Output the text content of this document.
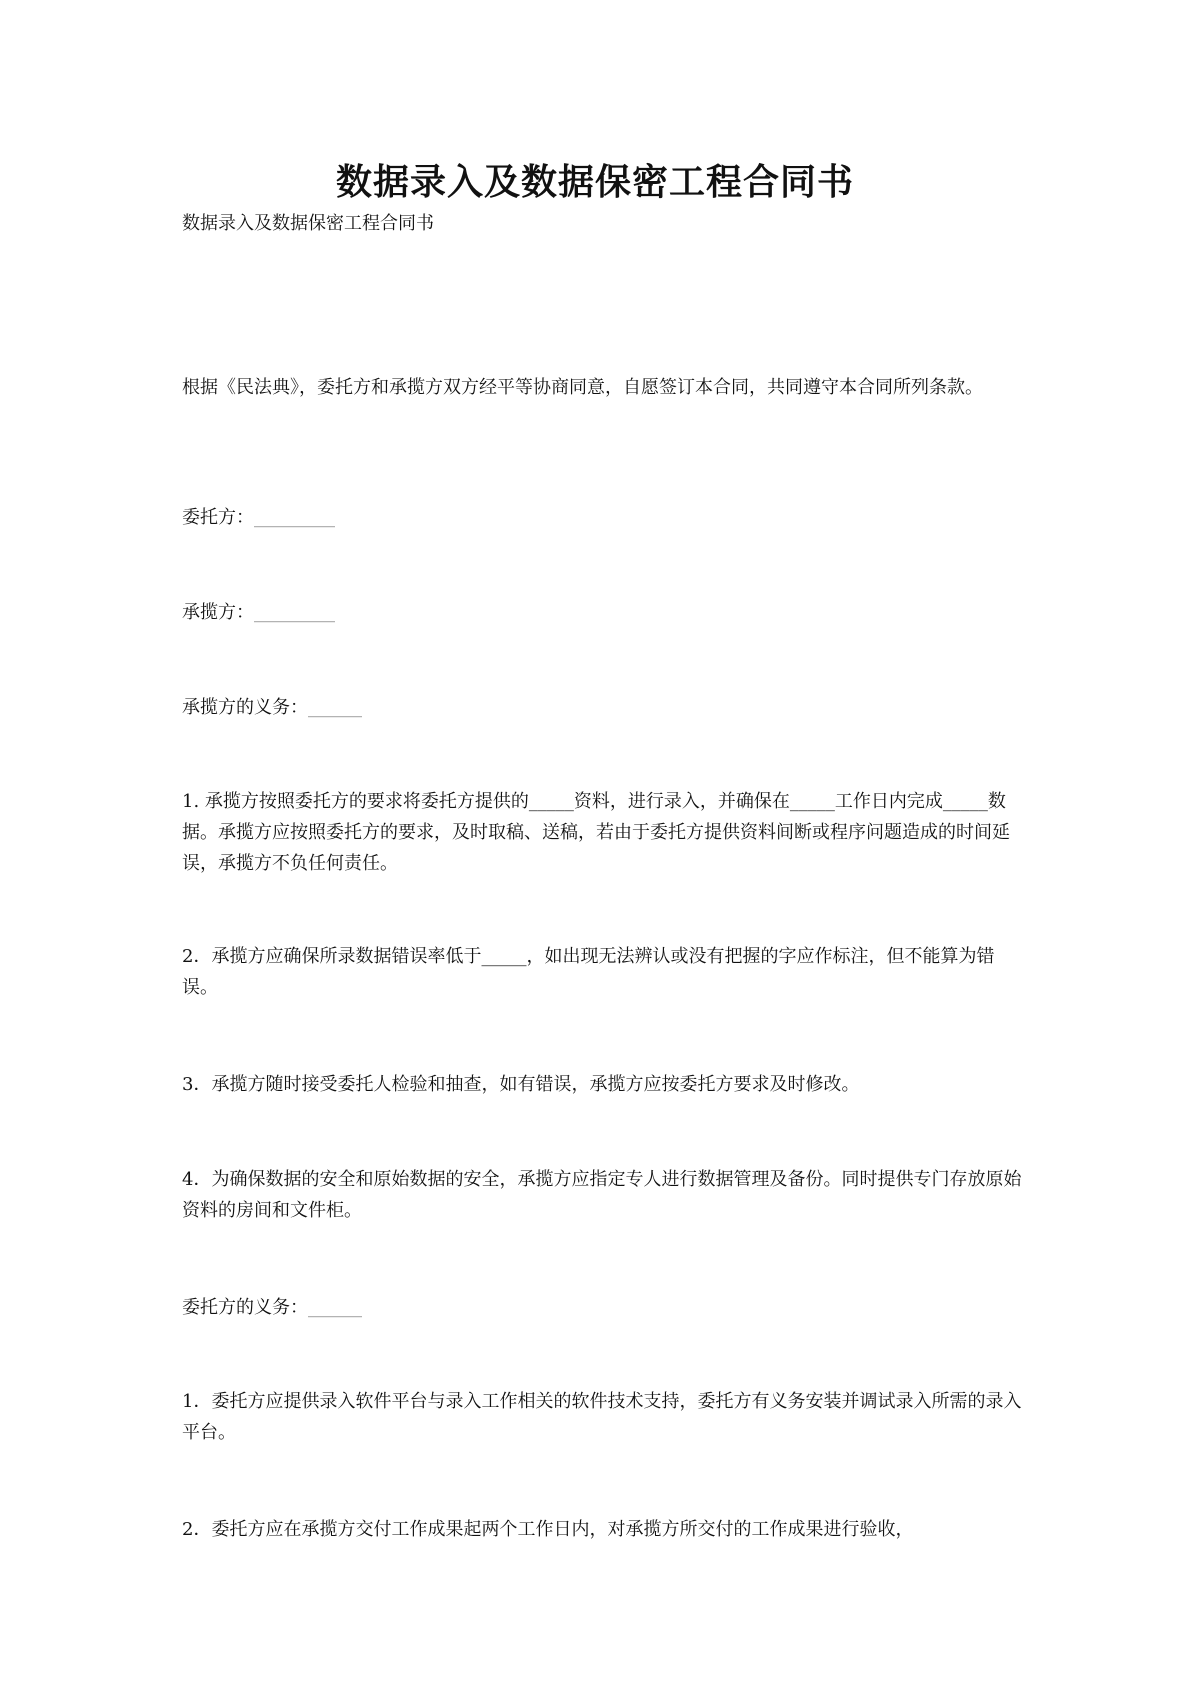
数据录入及数据保密工程合同书

数据录入及数据保密工程合同书

根据《民法典》，委托方和承揽方双方经平等协商同意，自愿签订本合同，共同遵守本合同所列条款。

委托方：_________

承揽方：_________

承揽方的义务：______

1. 承揽方按照委托方的要求将委托方提供的_____资料，进行录入，并确保在_____工作日内完成_____数据。承揽方应按照委托方的要求，及时取稿、送稿，若由于委托方提供资料间断或程序问题造成的时间延误，承揽方不负任何责任。

2．承揽方应确保所录数据错误率低于_____，如出现无法辨认或没有把握的字应作标注，但不能算为错误。

3．承揽方随时接受委托人检验和抽查，如有错误，承揽方应按委托方要求及时修改。

4．为确保数据的安全和原始数据的安全，承揽方应指定专人进行数据管理及备份。同时提供专门存放原始资料的房间和文件柜。

委托方的义务：______

1．委托方应提供录入软件平台与录入工作相关的软件技术支持，委托方有义务安装并调试录入所需的录入平台。

2．委托方应在承揽方交付工作成果起两个工作日内，对承揽方所交付的工作成果进行验收，
